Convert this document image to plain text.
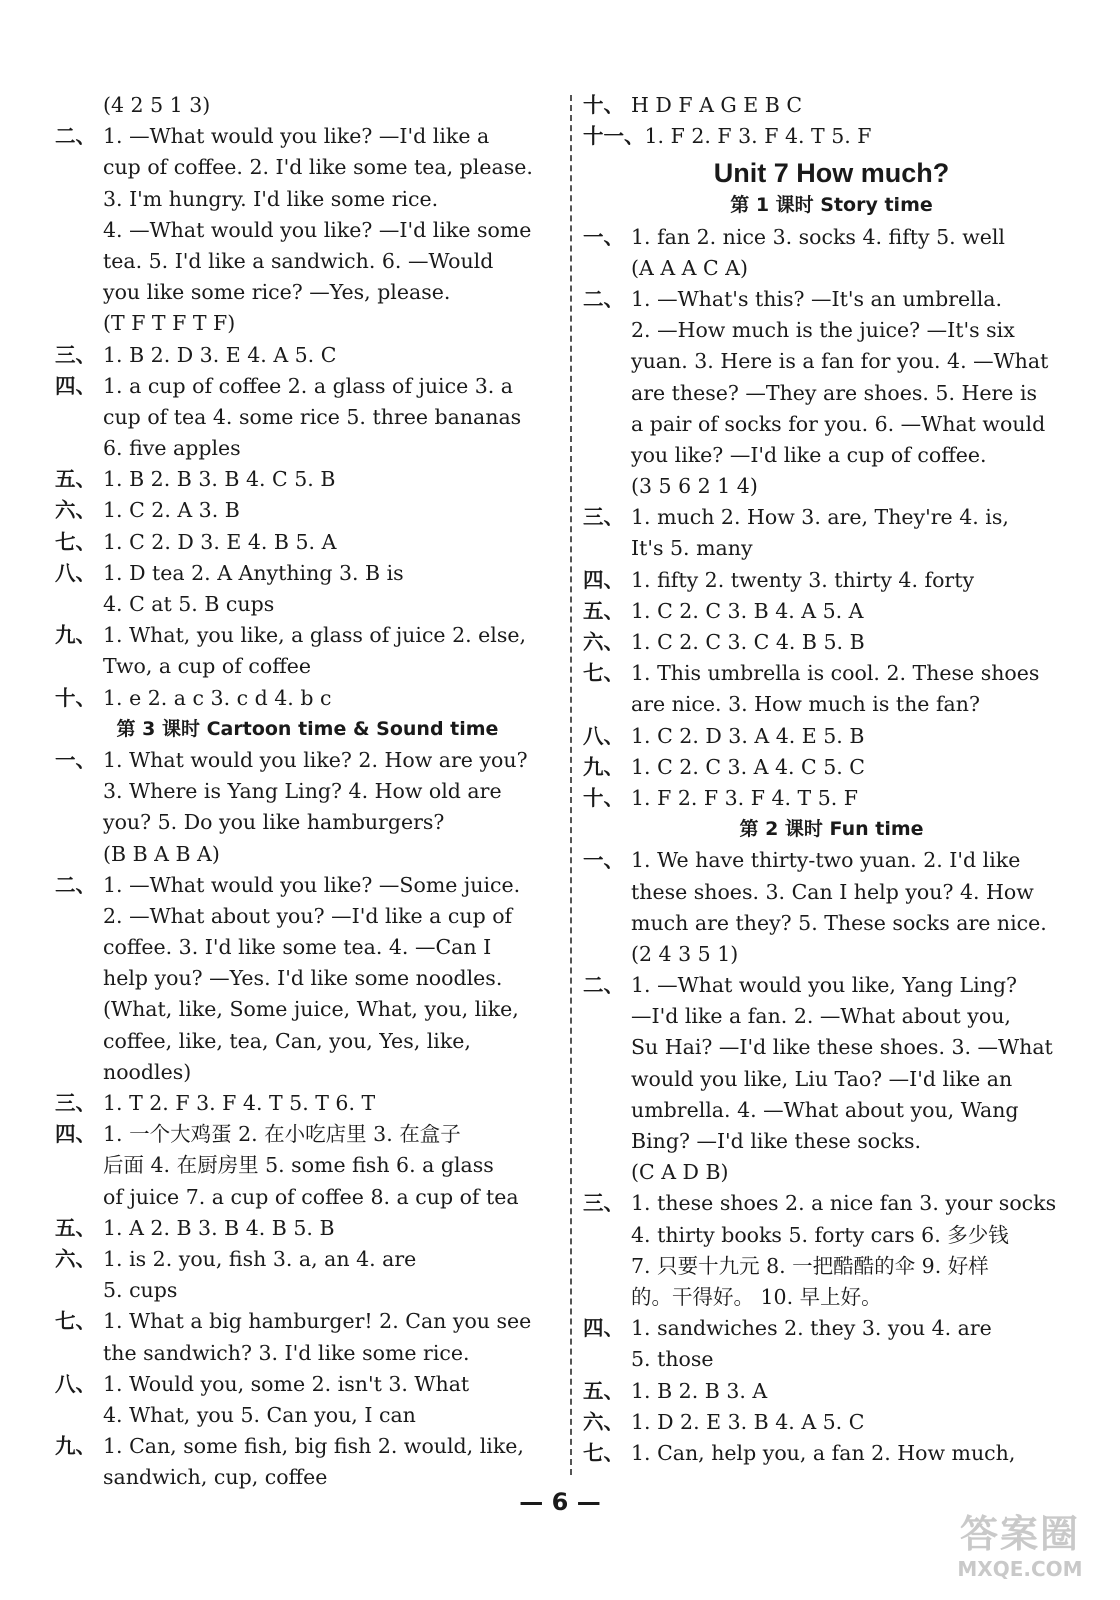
(4 2 5 1 3)
二、 1. —What would you like? —I'd like a
cup of coffee. 2. I'd like some tea, please.
3. I'm hungry. I'd like some rice.
4. —What would you like? —I'd like some
tea. 5. I'd like a sandwich. 6. —Would
you like some rice? —Yes, please.
(T F T F T F)
三、 1. B 2. D 3. E 4. A 5. C
四、 1. a cup of coffee 2. a glass of juice 3. a
cup of tea 4. some rice 5. three bananas
6. five apples
五、 1. B 2. B 3. B 4. C 5. B
六、 1. C 2. A 3. B
七、 1. C 2. D 3. E 4. B 5. A
八、 1. D tea 2. A Anything 3. B is
4. C at 5. B cups
九、 1. What, you like, a glass of juice 2. else,
Two, a cup of coffee
十、 1. e 2. a c 3. c d 4. b c
第 3 课时 Cartoon time & Sound time
一、 1. What would you like? 2. How are you?
3. Where is Yang Ling? 4. How old are
you? 5. Do you like hamburgers?
(B B A B A)
二、 1. —What would you like? —Some juice.
2. —What about you? —I'd like a cup of
coffee. 3. I'd like some tea. 4. —Can I
help you? —Yes. I'd like some noodles.
(What, like, Some juice, What, you, like,
coffee, like, tea, Can, you, Yes, like,
noodles)
三、 1. T 2. F 3. F 4. T 5. T 6. T
四、 1. 一个大鸡蛋 2. 在小吃店里 3. 在盒子
后面 4. 在厨房里 5. some fish 6. a glass
of juice 7. a cup of coffee 8. a cup of tea
五、 1. A 2. B 3. B 4. B 5. B
六、 1. is 2. you, fish 3. a, an 4. are
5. cups
七、 1. What a big hamburger! 2. Can you see
the sandwich? 3. I'd like some rice.
八、 1. Would you, some 2. isn't 3. What
4. What, you 5. Can you, I can
九、 1. Can, some fish, big fish 2. would, like,
sandwich, cup, coffee
十、 H D F A G E B C
十一、1. F 2. F 3. F 4. T 5. F
Unit 7 How much?
第 1 课时 Story time
一、 1. fan 2. nice 3. socks 4. fifty 5. well
(A A A C A)
二、 1. —What's this? —It's an umbrella.
2. —How much is the juice? —It's six
yuan. 3. Here is a fan for you. 4. —What
are these? —They are shoes. 5. Here is
a pair of socks for you. 6. —What would
you like? —I'd like a cup of coffee.
(3 5 6 2 1 4)
三、 1. much 2. How 3. are, They're 4. is,
It's 5. many
四、 1. fifty 2. twenty 3. thirty 4. forty
五、 1. C 2. C 3. B 4. A 5. A
六、 1. C 2. C 3. C 4. B 5. B
七、 1. This umbrella is cool. 2. These shoes
are nice. 3. How much is the fan?
八、 1. C 2. D 3. A 4. E 5. B
九、 1. C 2. C 3. A 4. C 5. C
十、 1. F 2. F 3. F 4. T 5. F
第 2 课时 Fun time
一、 1. We have thirty-two yuan. 2. I'd like
these shoes. 3. Can I help you? 4. How
much are they? 5. These socks are nice.
(2 4 3 5 1)
二、 1. —What would you like, Yang Ling?
—I'd like a fan. 2. —What about you,
Su Hai? —I'd like these shoes. 3. —What
would you like, Liu Tao? —I'd like an
umbrella. 4. —What about you, Wang
Bing? —I'd like these socks.
(C A D B)
三、 1. these shoes 2. a nice fan 3. your socks
4. thirty books 5. forty cars 6. 多少钱
7. 只要十九元 8. 一把酷酷的伞 9. 好样
的。干得好。 10. 早上好。
四、 1. sandwiches 2. they 3. you 4. are
5. those
五、 1. B 2. B 3. A
六、 1. D 2. E 3. B 4. A 5. C
七、 1. Can, help you, a fan 2. How much,
— 6 —
答案圈
MXQE.COM
